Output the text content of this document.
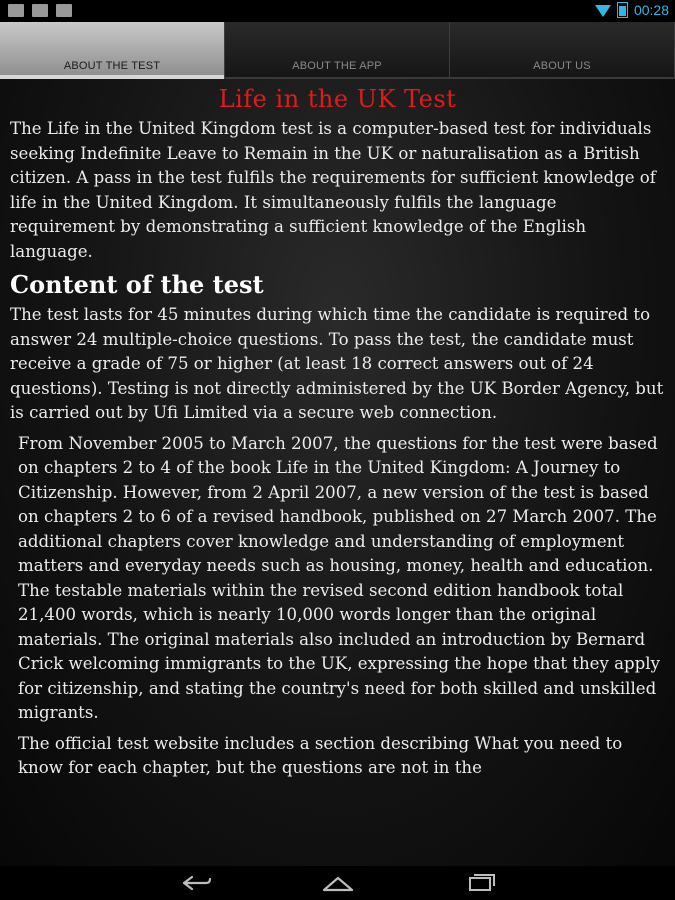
00:28
ABOUT THE TEST	ABOUT THE APP	ABOUT US
Life in the UK Test

The Life in the United Kingdom test is a computer-based test for individuals seeking Indefinite Leave to Remain in the UK or naturalisation as a British citizen. A pass in the test fulfils the requirements for sufficient knowledge of life in the United Kingdom. It simultaneously fulfils the language requirement by demonstrating a sufficient knowledge of the English language.

Content of the test

The test lasts for 45 minutes during which time the candidate is required to answer 24 multiple-choice questions. To pass the test, the candidate must receive a grade of 75 or higher (at least 18 correct answers out of 24 questions). Testing is not directly administered by the UK Border Agency, but is carried out by Ufi Limited via a secure web connection.

From November 2005 to March 2007, the questions for the test were based on chapters 2 to 4 of the book Life in the United Kingdom: A Journey to Citizenship. However, from 2 April 2007, a new version of the test is based on chapters 2 to 6 of a revised handbook, published on 27 March 2007. The additional chapters cover knowledge and understanding of employment matters and everyday needs such as housing, money, health and education. The testable materials within the revised second edition handbook total 21,400 words, which is nearly 10,000 words longer than the original materials. The original materials also included an introduction by Bernard Crick welcoming immigrants to the UK, expressing the hope that they apply for citizenship, and stating the country's need for both skilled and unskilled migrants.

The official test website includes a section describing What you need to know for each chapter, but the questions are not in the
